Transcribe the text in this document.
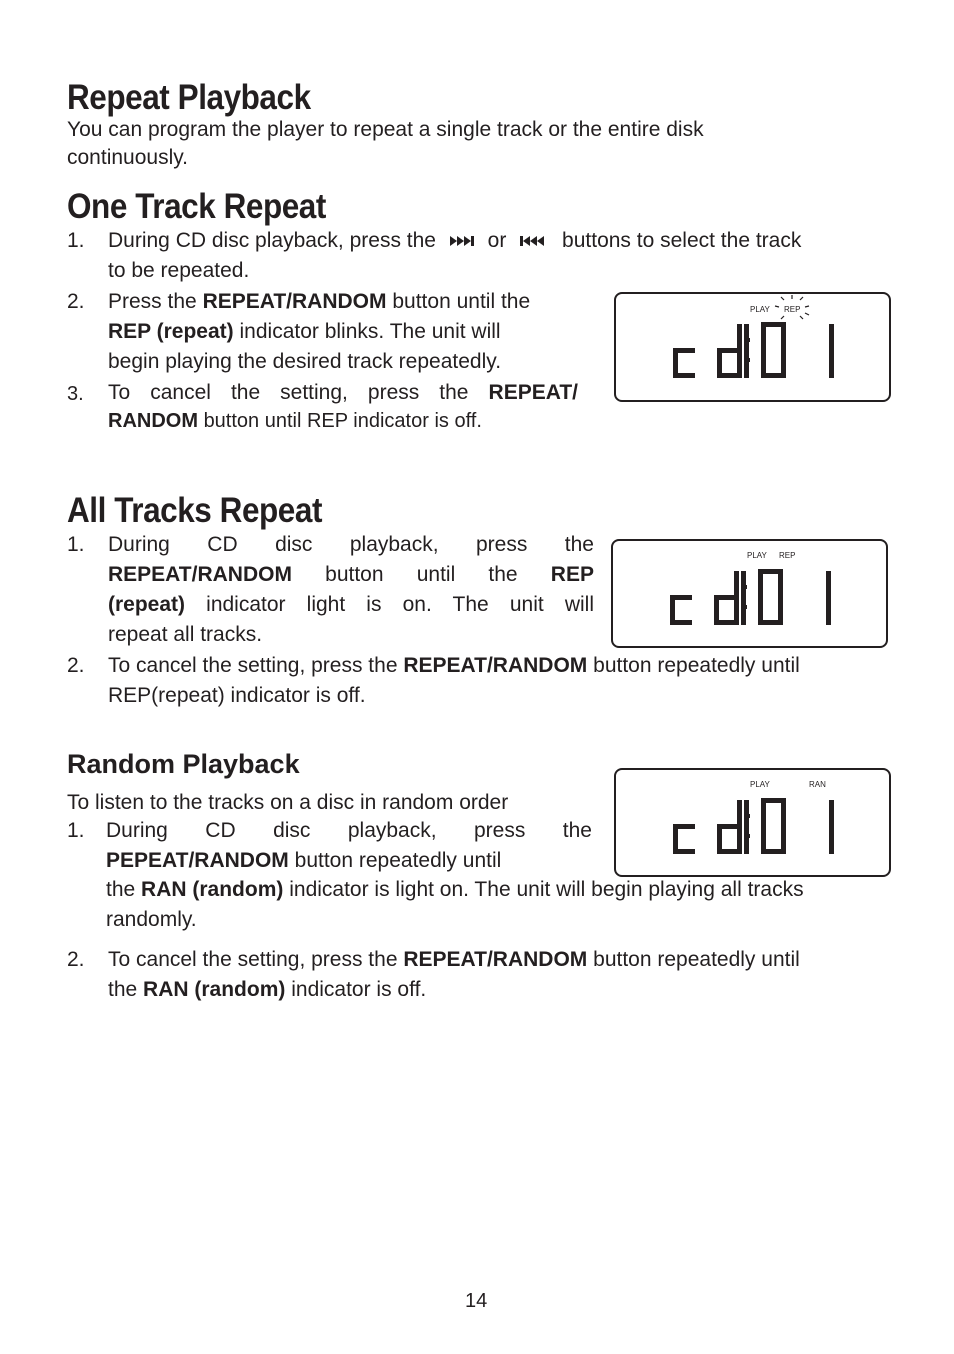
Repeat Playback
You can program the player to repeat a single track or the entire disk
continuously.
One Track Repeat
1. During CD disc playback, press the or	buttons to select the track
to be repeated.
2. Press the REPEAT/RANDOM button until the
REP (repeat) indicator blinks. The unit will
begin playing the desired track repeatedly.
3. To cancel the setting, press the REPEAT/
RANDOM button until REP indicator is off.
PLAY REP
All Tracks Repeat
1. During CD disc playback, press the
REPEAT/RANDOM button until the REP
(repeat) indicator light is on. The unit will
repeat all tracks.
2. To cancel the setting, press the REPEAT/RANDOM button repeatedly until
REP(repeat) indicator is off.
PLAY REP
Random Playback
To listen to the tracks on a disc in random order
1. During CD disc playback, press the
PEPEAT/RANDOM button repeatedly until
the RAN (random) indicator is light on. The unit will begin playing all tracks
randomly.
2. To cancel the setting, press the REPEAT/RANDOM button repeatedly until
the RAN (random) indicator is off.
PLAY	RAN
14
